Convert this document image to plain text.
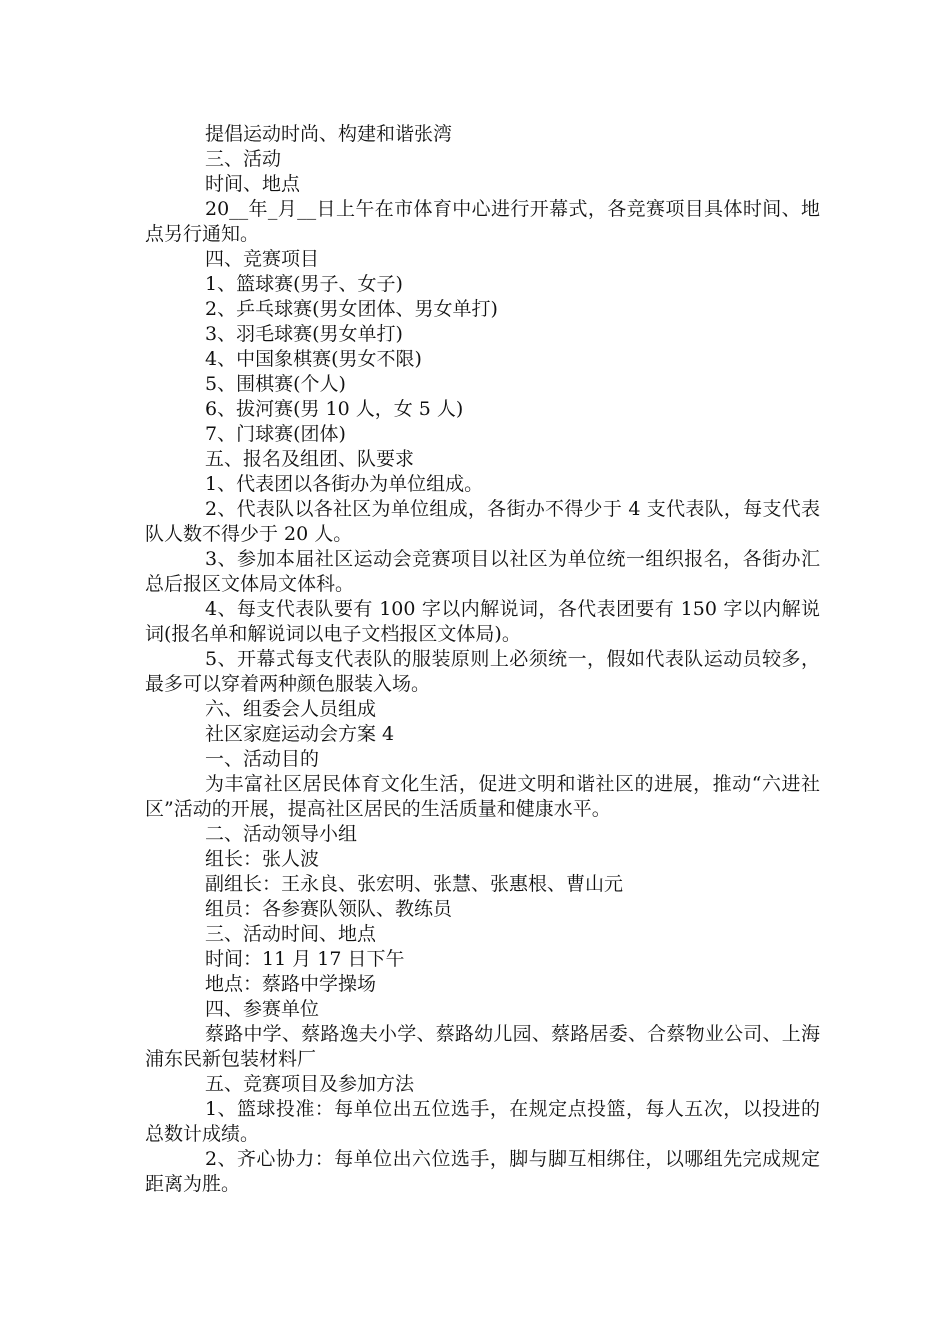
提倡运动时尚、构建和谐张湾

三、活动

时间、地点

20__年_月__日上午在市体育中心进行开幕式，各竞赛项目具体时间、地点另行通知。

四、竞赛项目

1、篮球赛(男子、女子)

2、乒乓球赛(男女团体、男女单打)

3、羽毛球赛(男女单打)

4、中国象棋赛(男女不限)

5、围棋赛(个人)

6、拔河赛(男 10 人，女 5 人)

7、门球赛(团体)

五、报名及组团、队要求

1、代表团以各街办为单位组成。

2、代表队以各社区为单位组成，各街办不得少于 4 支代表队，每支代表队人数不得少于 20 人。

3、参加本届社区运动会竞赛项目以社区为单位统一组织报名，各街办汇总后报区文体局文体科。

4、每支代表队要有 100 字以内解说词，各代表团要有 150 字以内解说词(报名单和解说词以电子文档报区文体局)。

5、开幕式每支代表队的服装原则上必须统一，假如代表队运动员较多，最多可以穿着两种颜色服装入场。

六、组委会人员组成

社区家庭运动会方案 4

一、活动目的

为丰富社区居民体育文化生活，促进文明和谐社区的进展，推动“六进社区”活动的开展，提高社区居民的生活质量和健康水平。

二、活动领导小组

组长：张人波

副组长：王永良、张宏明、张慧、张惠根、曹山元

组员：各参赛队领队、教练员

三、活动时间、地点

时间：11 月 17 日下午

地点：蔡路中学操场

四、参赛单位

蔡路中学、蔡路逸夫小学、蔡路幼儿园、蔡路居委、合蔡物业公司、上海浦东民新包装材料厂

五、竞赛项目及参加方法

1、篮球投准：每单位出五位选手，在规定点投篮，每人五次，以投进的总数计成绩。

2、齐心协力：每单位出六位选手，脚与脚互相绑住，以哪组先完成规定距离为胜。
